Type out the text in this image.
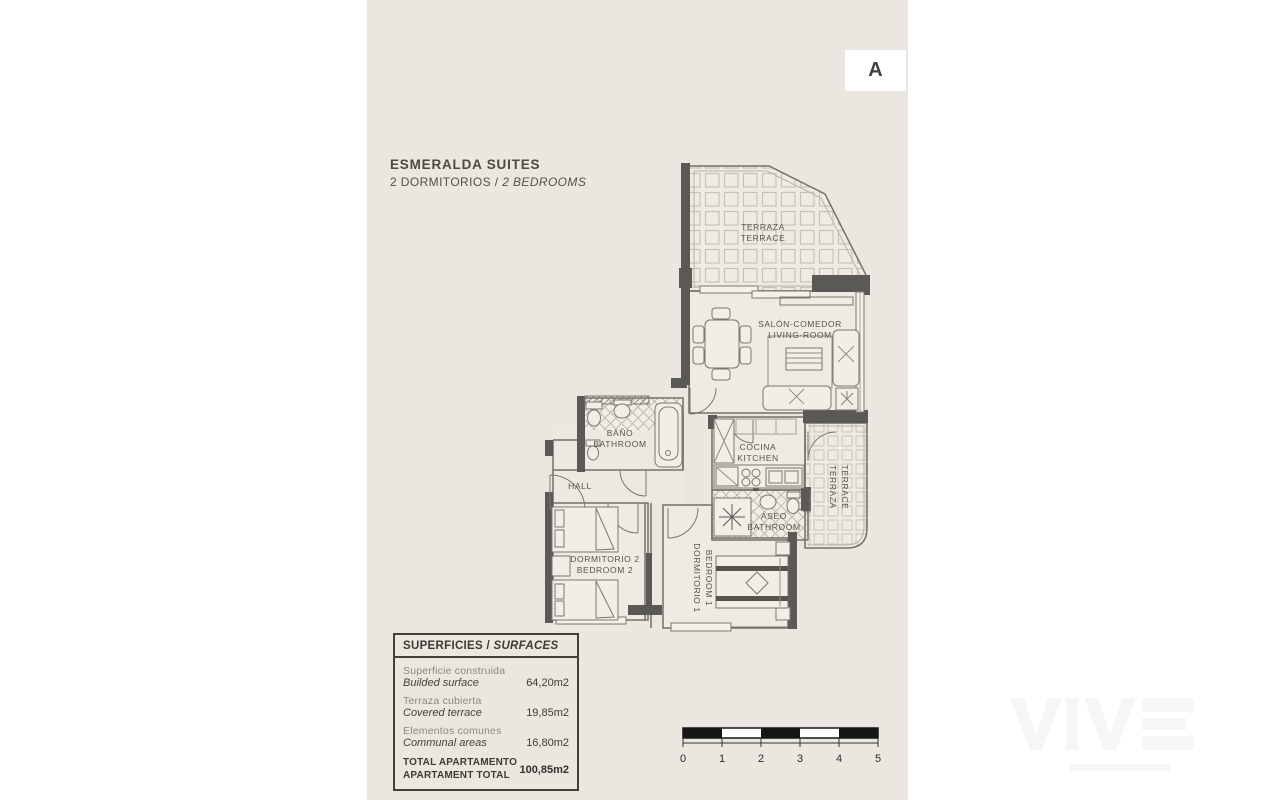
A
ESMERALDA SUITES
2 DORMITORIOS / 2 BEDROOMS
TERRAZA
TERRACE
SALÓN-COMEDOR
LIVING-ROOM
BAÑO
BATHROOM
HALL
COCINA
KITCHEN
TERRAZA TERRACE
ASEO
BATHROOM
DORMITORIO 2
BEDROOM 2	DORMITORIO 1 BEDROOM 1
0	1	2	3	4	5
SUPERFICIES / SURFACES
Superficie construida
Builded surface	64,20m2
Terraza cubierta
Covered terrace	19,85m2
Elementos comunes
Communal areas	16,80m2
TOTAL APARTAMENTO
APARTAMENT TOTAL 100,85m2
